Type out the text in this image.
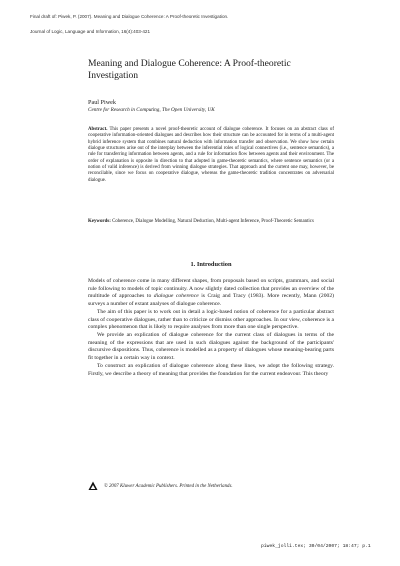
Final draft of: Piwek, P. (2007). Meaning and Dialogue Coherence: A Proof-theoretic Investigation.
Journal of Logic, Language and Information, 16(4):403-421
Meaning and Dialogue Coherence: A Proof-theoretic Investigation
Paul Piwek
Centre for Research in Computing, The Open University, UK
Abstract. This paper presents a novel proof-theoretic account of dialogue coherence. It focuses on an abstract class of cooperative information-oriented dialogues and describes how their structure can be accounted for in terms of a multi-agent hybrid inference system that combines natural deduction with information transfer and observation. We show how certain dialogue structures arise out of the interplay between the inferential roles of logical connectives (i.e., sentence semantics), a rule for transferring information between agents, and a rule for information flow between agents and their environment. The order of explanation is opposite in direction to that adopted in game-theoretic semantics, where sentence semantics (or a notion of valid inference) is derived from winning dialogue strategies. That approach and the current one may, however, be reconcilable, since we focus on cooperative dialogue, whereas the game-theoretic tradition concentrates on adversarial dialogue.
Keywords: Coherence, Dialogue Modelling, Natural Deduction, Multi-agent Inference, Proof-Theoretic Semantics
1. Introduction

Models of coherence come in many different shapes, from proposals based on scripts, grammars, and social rule following to models of topic continuity. A now slightly dated collection that provides an overview of the multitude of approaches to dialogue coherence is Craig and Tracy (1983). More recently, Mann (2002) surveys a number of extant analyses of dialogue coherence.

The aim of this paper is to work out in detail a logic-based notion of coherence for a particular abstract class of cooperative dialogues, rather than to criticize or dismiss other approaches. In our view, coherence is a complex phenomenon that is likely to require analyses from more than one single perspective.

We provide an explication of dialogue coherence for the current class of dialogues in terms of the meaning of the expressions that are used in such dialogues against the background of the participants' discursive dispositions. Thus, coherence is modelled as a property of dialogues whose meaning-bearing parts fit together in a certain way in context.

To construct an explication of dialogue coherence along these lines, we adopt the following strategy. Firstly, we describe a theory of meaning that provides the foundation for the current endeavour. This theory

© 2007 Kluwer Academic Publishers. Printed in the Netherlands.
piwek_jolli.tex; 30/04/2007; 18:47; p.1
